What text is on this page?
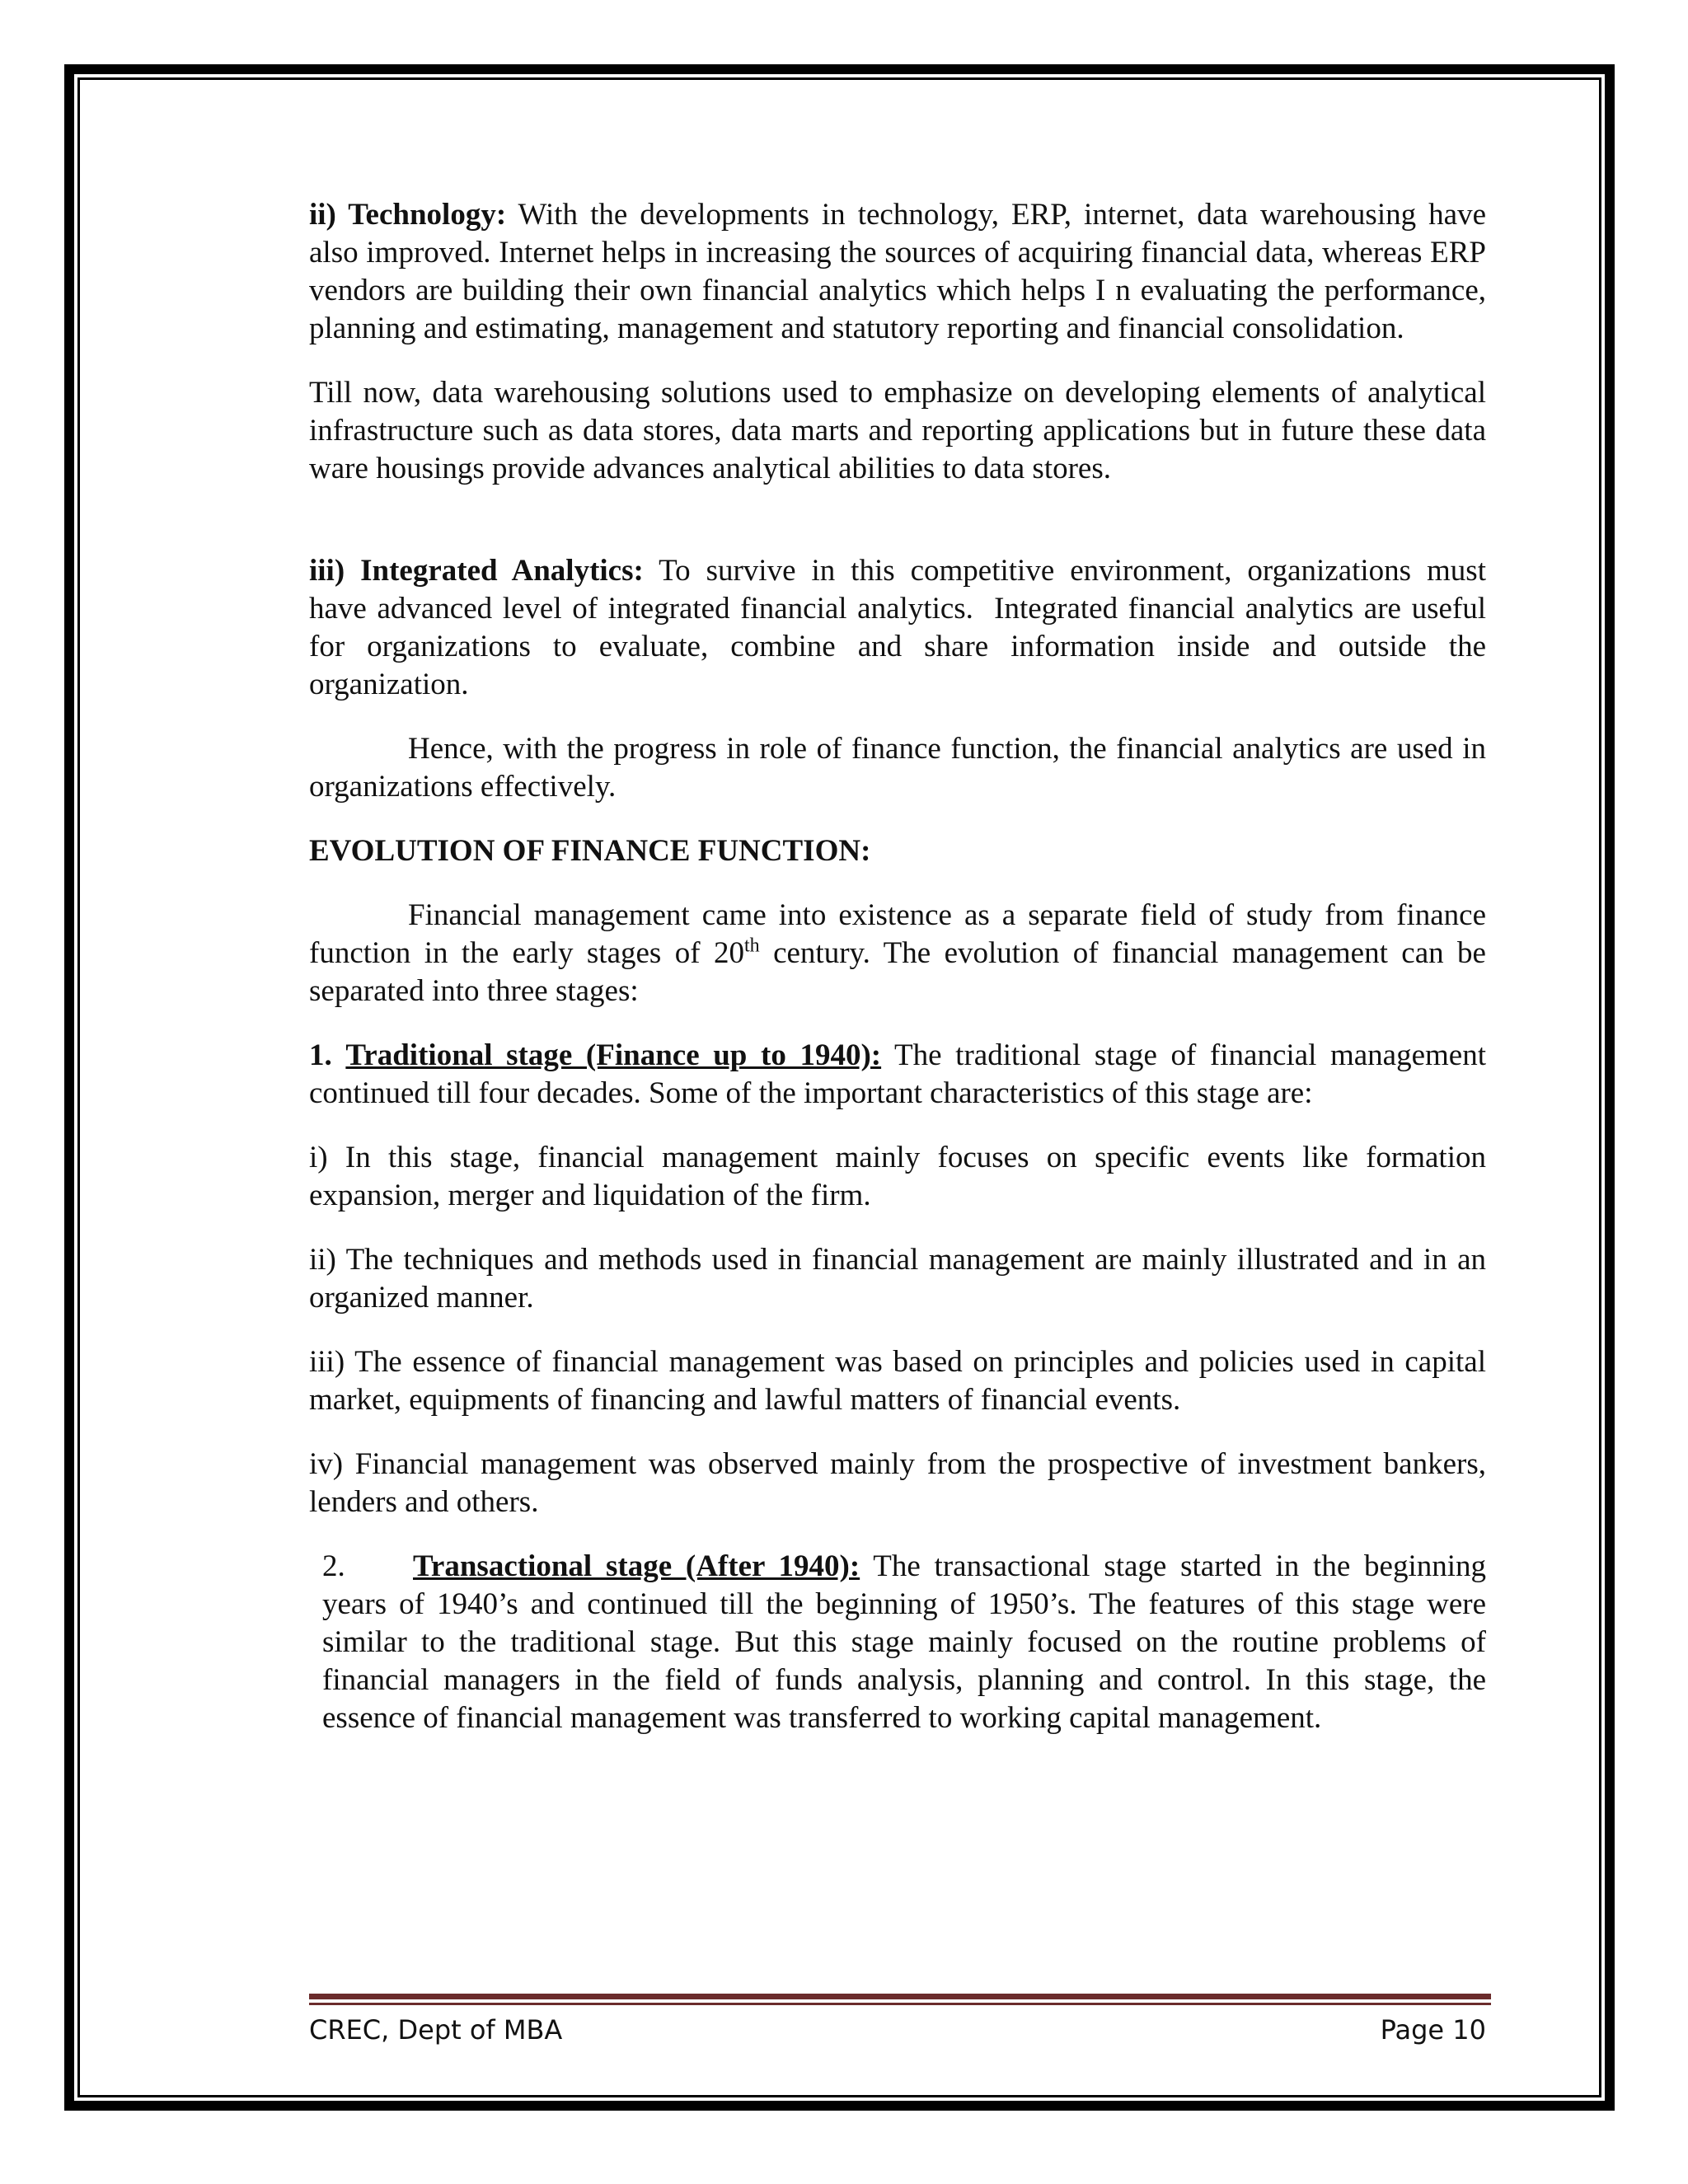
ii) Technology: With the developments in technology, ERP, internet, data warehousing have also improved. Internet helps in increasing the sources of acquiring financial data, whereas ERP vendors are building their own financial analytics which helps I n evaluating the performance, planning and estimating, management and statutory reporting and financial consolidation.

Till now, data warehousing solutions used to emphasize on developing elements of analytical infrastructure such as data stores, data marts and reporting applications but in future these data ware housings provide advances analytical abilities to data stores.

iii) Integrated Analytics: To survive in this competitive environment, organizations must      have advanced level of integrated financial analytics.  Integrated financial analytics are useful for organizations to evaluate, combine and share information inside and outside the organization.

Hence, with the progress in role of finance function, the financial analytics are used in organizations effectively.

EVOLUTION OF FINANCE FUNCTION:

Financial management came into existence as a separate field of study from finance function in the early stages of 20th century. The evolution of financial management can be separated into three stages:

1. Traditional stage (Finance up to 1940): The traditional stage of financial management continued till four decades. Some of the important characteristics of this stage are:

i) In this stage, financial management mainly focuses on specific events like formation expansion, merger and liquidation of the firm.

ii) The techniques and methods used in financial management are mainly illustrated and in an organized manner.

iii) The essence of financial management was based on principles and policies used in capital market, equipments of financing and lawful matters of financial events.

iv) Financial management was observed mainly from the prospective of investment bankers, lenders and others.

2. Transactional stage (After 1940): The transactional stage started in the beginning years of 1940’s and continued till the beginning of 1950’s. The features of this stage were similar to the traditional stage. But this stage mainly focused on the routine problems of financial managers in the field of funds analysis, planning and control. In this stage, the essence of financial management was transferred to working capital management.

CREC, Dept of MBA	Page 10
